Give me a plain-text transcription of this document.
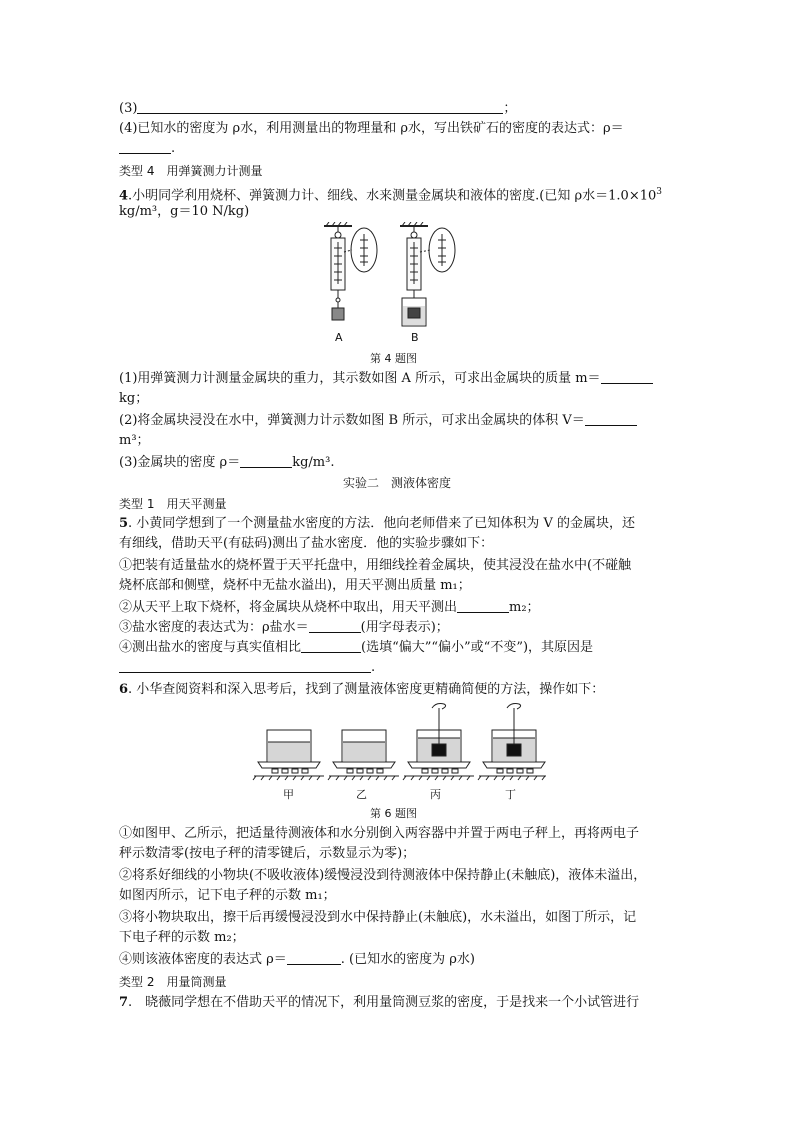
(3)	；
(4)已知水的密度为 ρ水，利用测量出的物理量和 ρ水，写出铁矿石的密度的表达式：ρ＝
.
类型 4　用弹簧测力计测量
4.小明同学利用烧杯、弹簧测力计、细线、水来测量金属块和液体的密度.(已知 ρ水$=1.0\times 10^3$
kg/m³，g＝10 N/kg)
A	B
第 4 题图
(1)用弹簧测力计测量金属块的重力，其示数如图 A 所示，可求出金属块的质量 m＝
kg；
(2)将金属块浸没在水中，弹簧测力计示数如图 B 所示，可求出金属块的体积 V＝
m³；
(3)金属块的密度 ρ＝	kg/m³.
实验二　测液体密度
类型 1　用天平测量
5. 小黄同学想到了一个测量盐水密度的方法．他向老师借来了已知体积为 V 的金属块，还
有细线，借助天平(有砝码)测出了盐水密度．他的实验步骤如下：
①把装有适量盐水的烧杯置于天平托盘中，用细线拴着金属块，使其浸没在盐水中(不碰触
烧杯底部和侧壁，烧杯中无盐水溢出)，用天平测出质量 m₁；
②从天平上取下烧杯，将金属块从烧杯中取出，用天平测出	m₂；
③盐水密度的表达式为：ρ盐水＝	(用字母表示)；
④测出盐水的密度与真实值相比	(选填“偏大”“偏小”或“不变”)，其原因是
.
6. 小华查阅资料和深入思考后，找到了测量液体密度更精确简便的方法，操作如下：
甲	乙	丙	丁
第 6 题图
①如图甲、乙所示，把适量待测液体和水分别倒入两容器中并置于两电子秤上，再将两电子
秤示数清零(按电子秤的清零键后，示数显示为零)；
②将系好细线的小物块(不吸收液体)缓慢浸没到待测液体中保持静止(未触底)，液体未溢出，
如图丙所示，记下电子秤的示数 m₁；
③将小物块取出，擦干后再缓慢浸没到水中保持静止(未触底)，水未溢出，如图丁所示，记
下电子秤的示数 m₂；
④则该液体密度的表达式 ρ＝	. (已知水的密度为 ρ水)
类型 2　用量筒测量
7.　晓薇同学想在不借助天平的情况下，利用量筒测豆浆的密度，于是找来一个小试管进行
